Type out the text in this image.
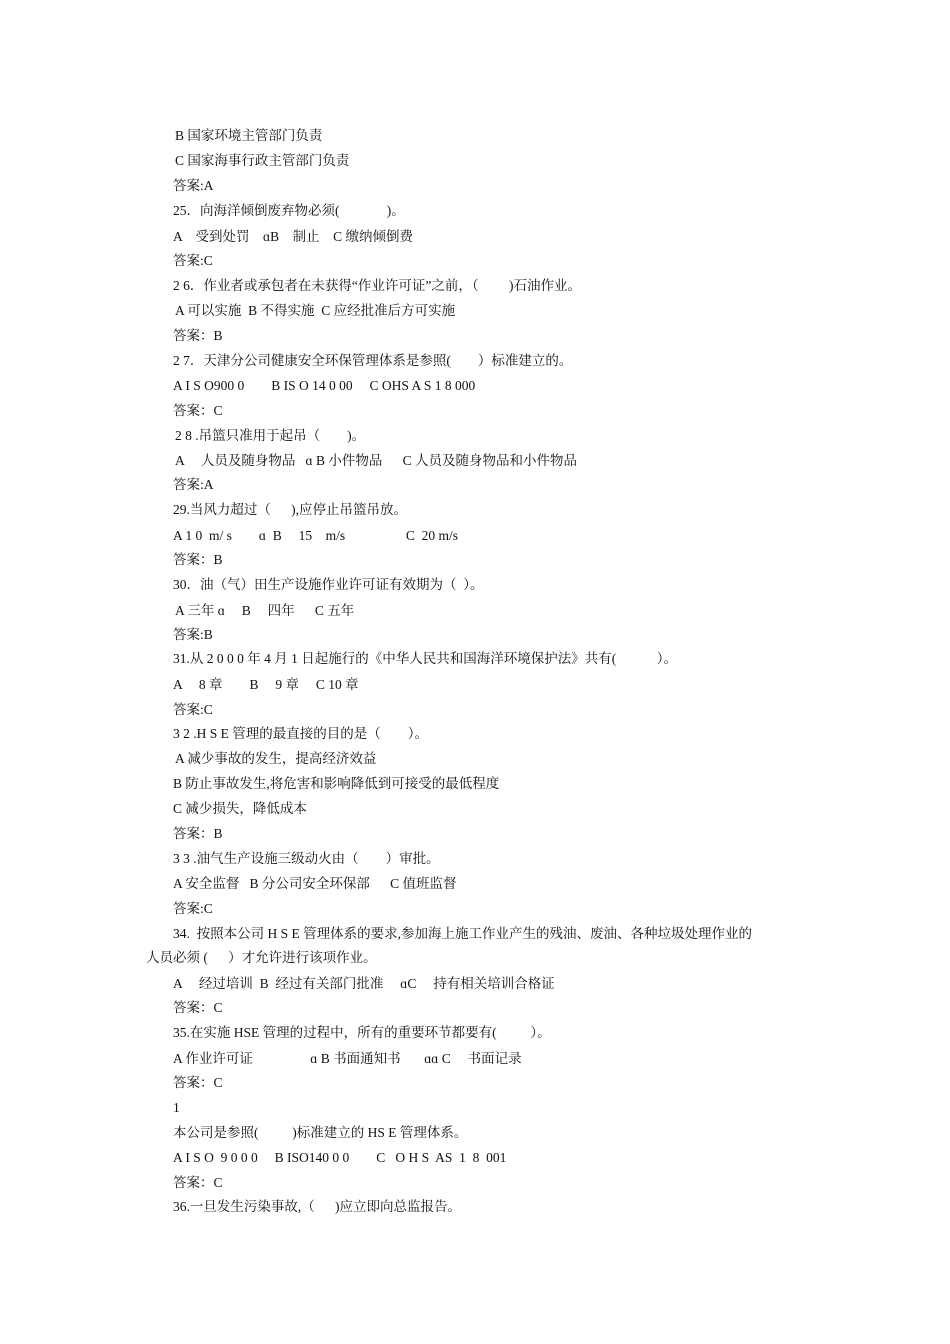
B 国家环境主管部门负责
C 国家海事行政主管部门负责
答案:A
25．向海洋倾倒废弃物必须(              )。
A    受到处罚    ɑB    制止    C 缴纳倾倒费
答案:C
2 6．作业者或承包者在未获得“作业许可证”之前，（         )石油作业。
A 可以实施  B 不得实施  C 应经批准后方可实施
答案：B
2 7．天津分公司健康安全环保管理体系是参照(        ）标准建立的。
A I S O900 0        B IS O 14 0 00     C OHS A S 1 8 000
答案：C
2 8 .吊篮只准用于起吊（        )。
A     人员及随身物品   ɑ B 小件物品      C 人员及随身物品和小件物品
答案:A
29.当风力超过（      ),应停止吊篮吊放。
A 1 0  m/ s        ɑ  B     15    m/s                  C  20 m/s
答案：B
30．油（气）田生产设施作业许可证有效期为（  ）。
A 三年 ɑ     B     四年      C 五年
答案:B
31.从 2 0 0 0 年 4 月 1 日起施行的《中华人民共和国海洋环境保护法》共有(            ）。
A     8 章        B     9 章     C 10 章
答案:C
3 2 .H S E 管理的最直接的目的是（        ）。
A 减少事故的发生，提高经济效益
B 防止事故发生,将危害和影响降低到可接受的最低程度
C 减少损失，降低成本
答案：B
3 3 .油气生产设施三级动火由（        ）审批。
A 安全监督   B 分公司安全环保部      C 值班监督
答案:C
34.  按照本公司 H S E 管理体系的要求,参加海上施工作业产生的残油、废油、各种垃圾处理作业的
人员必须 (      ）才允许进行该项作业。
A     经过培训  B  经过有关部门批准     ɑC     持有相关培训合格证
答案：C
35.在实施 HSE 管理的过程中，所有的重要环节都要有(          ）。
A 作业许可证                 ɑ B 书面通知书       ɑɑ C     书面记录
答案：C
1
本公司是参照(          )标准建立的 HS E 管理体系。
A I S O  9 0 0 0     B ISO140 0 0        C   O H S  AS  1  8  001
答案：C
36.一旦发生污染事故,（      )应立即向总监报告。
